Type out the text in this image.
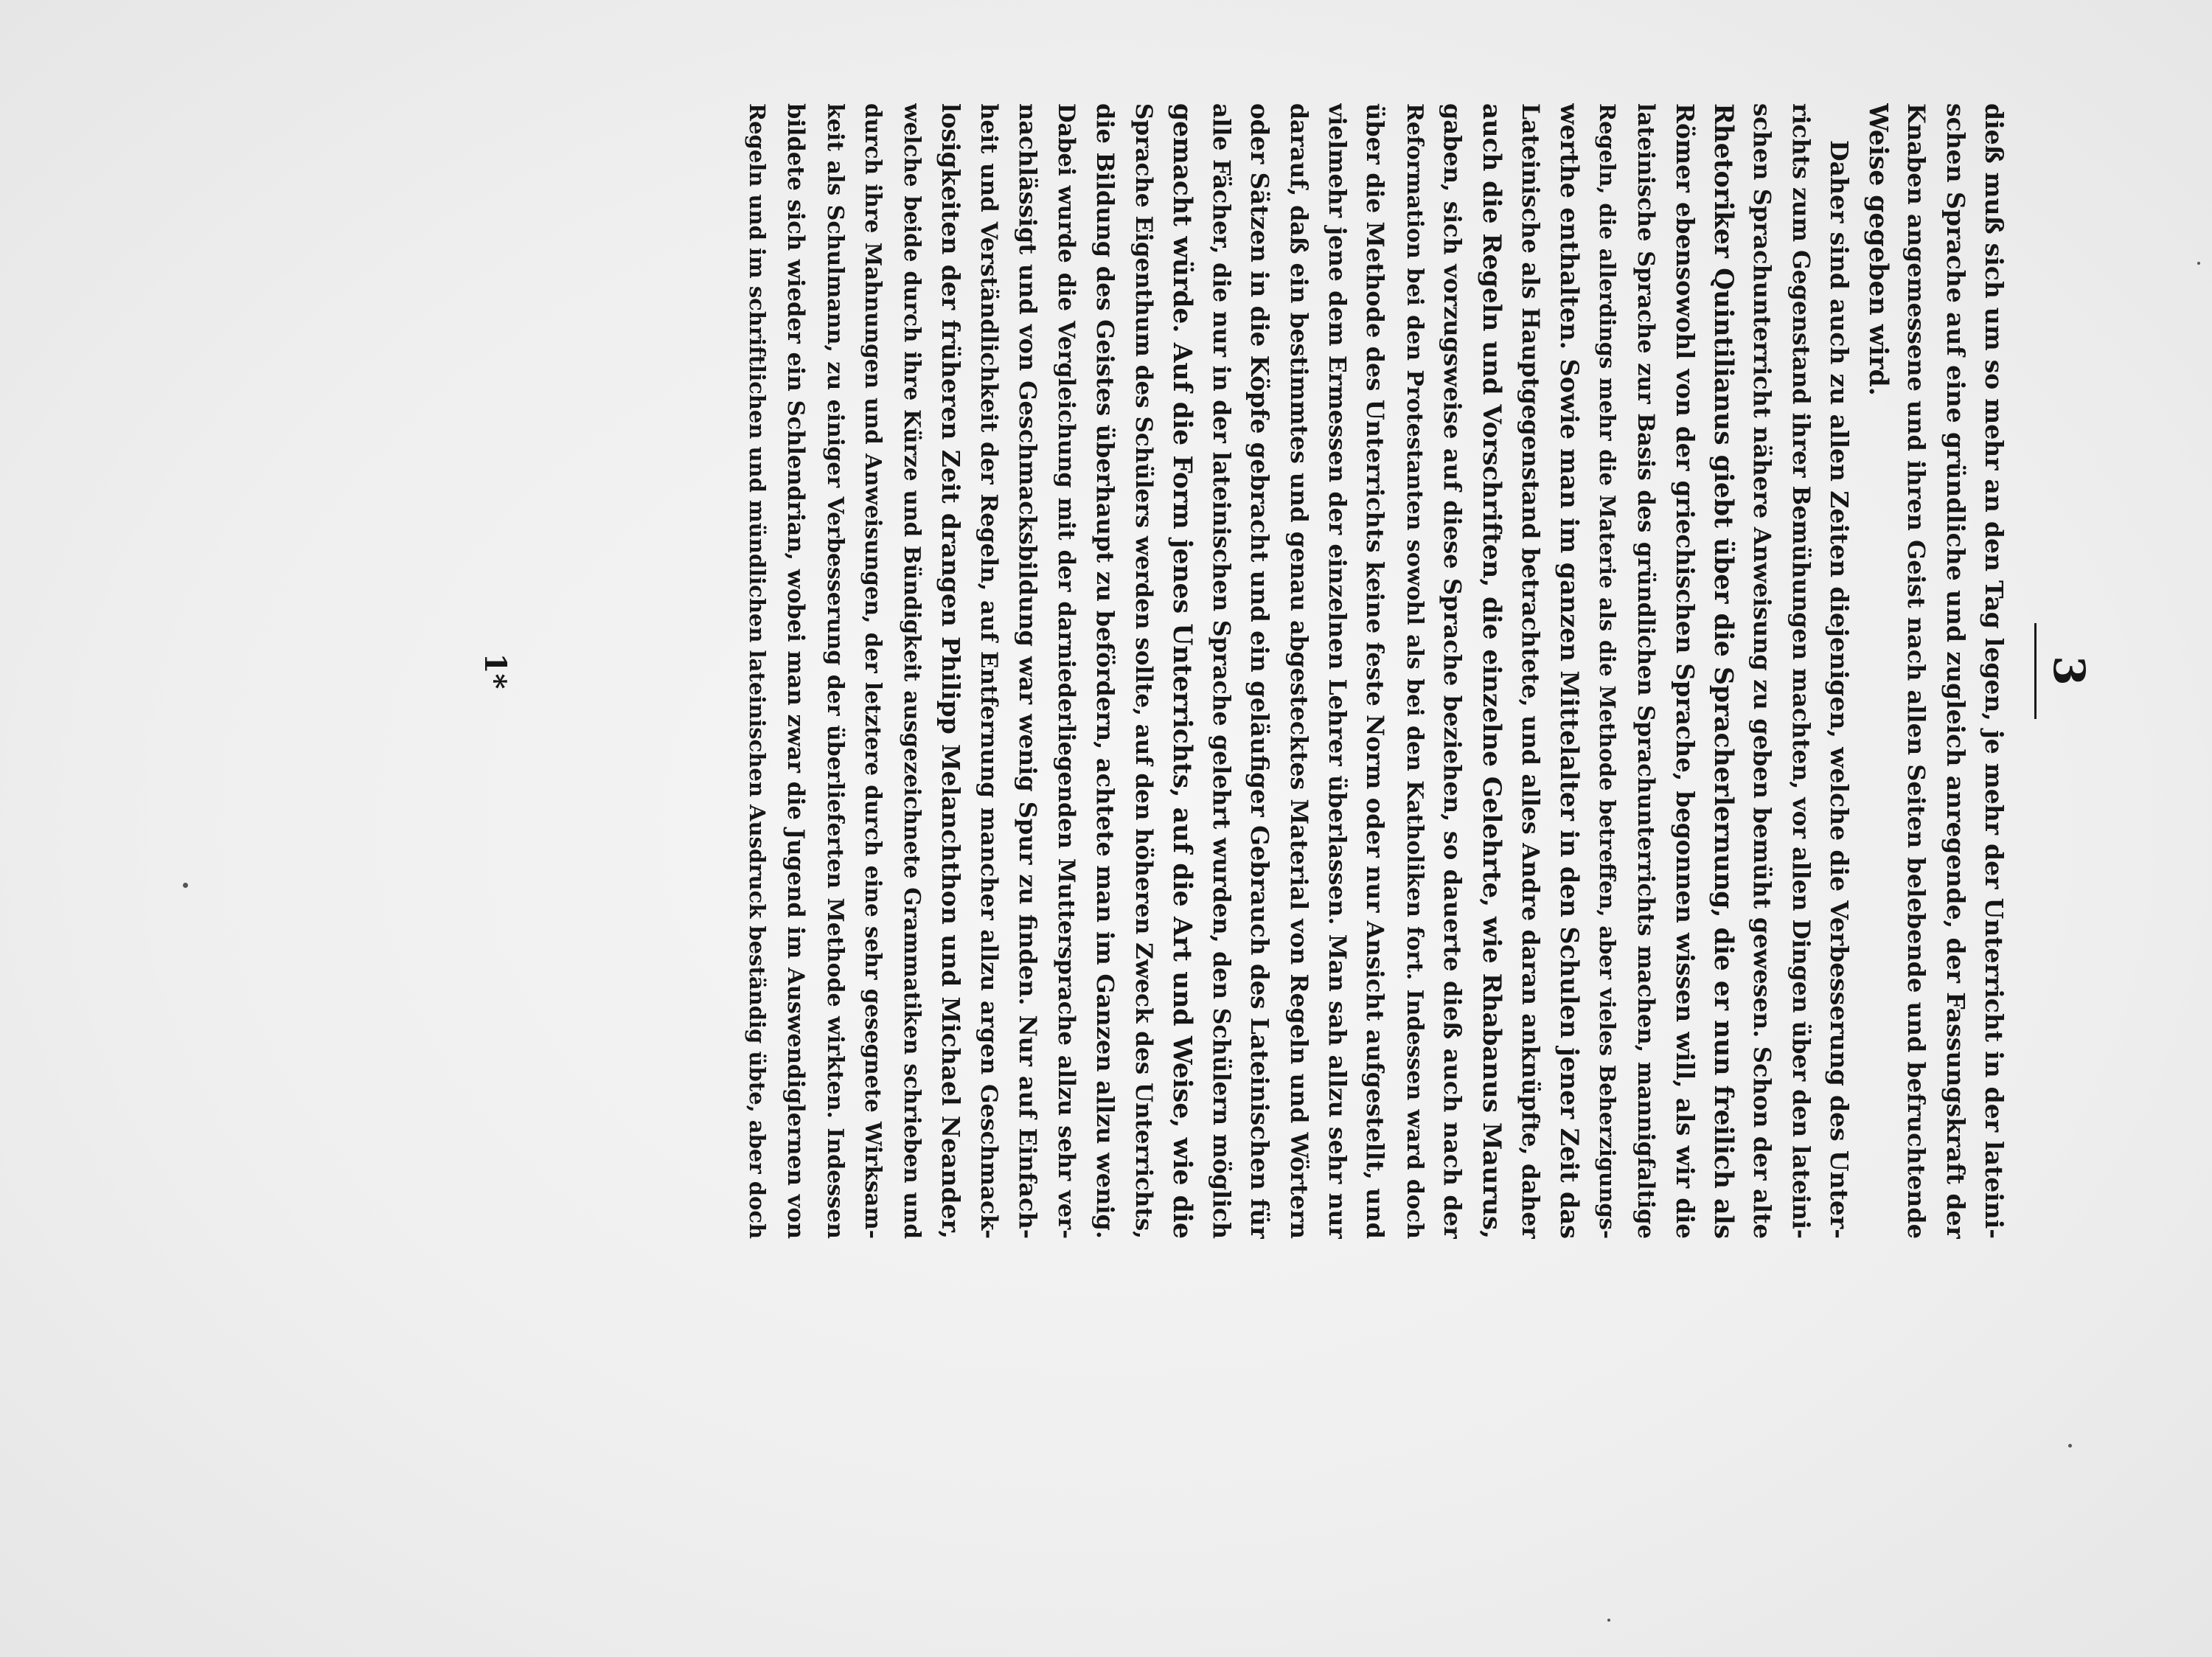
3
dieß muß sich um so mehr an den Tag legen, je mehr der Unterricht in der lateini-
schen Sprache auf eine gründliche und zugleich anregende, der Fassungskraft der
Knaben angemessene und ihren Geist nach allen Seiten belebende und befruchtende
Weise gegeben wird.
Daher sind auch zu allen Zeiten diejenigen, welche die Verbesserung des Unter-
richts zum Gegenstand ihrer Bemühungen machten, vor allen Dingen über den lateini-
schen Sprachunterricht nähere Anweisung zu geben bemüht gewesen. Schon der alte
Rhetoriker Quintilianus giebt über die Spracherlernung, die er nun freilich als
Römer ebensowohl von der griechischen Sprache, begonnen wissen will, als wir die
lateinische Sprache zur Basis des gründlichen Sprachunterrichts machen, mannigfaltige
Regeln, die allerdings mehr die Materie als die Methode betreffen, aber vieles Beherzigungs-
werthe enthalten. Sowie man im ganzen Mittelalter in den Schulen jener Zeit das
Lateinische als Hauptgegenstand betrachtete, und alles Andre daran anknüpfte, daher
auch die Regeln und Vorschriften, die einzelne Gelehrte, wie Rhabanus Maurus,
gaben, sich vorzugsweise auf diese Sprache beziehen, so dauerte dieß auch nach der
Reformation bei den Protestanten sowohl als bei den Katholiken fort. Indessen ward doch
über die Methode des Unterrichts keine feste Norm oder nur Ansicht aufgestellt, und
vielmehr jene dem Ermessen der einzelnen Lehrer überlassen. Man sah allzu sehr nur
darauf, daß ein bestimmtes und genau abgestecktes Material von Regeln und Wörtern
oder Sätzen in die Köpfe gebracht und ein geläufiger Gebrauch des Lateinischen für
alle Fächer, die nur in der lateinischen Sprache gelehrt wurden, den Schülern möglich
gemacht würde. Auf die Form jenes Unterrichts, auf die Art und Weise, wie die
Sprache Eigenthum des Schülers werden sollte, auf den höheren Zweck des Unterrichts,
die Bildung des Geistes überhaupt zu befördern, achtete man im Ganzen allzu wenig.
Dabei wurde die Vergleichung mit der darniederliegenden Muttersprache allzu sehr ver-
nachlässigt und von Geschmacksbildung war wenig Spur zu finden. Nur auf Einfach-
heit und Verständlichkeit der Regeln, auf Entfernung mancher allzu argen Geschmack-
losigkeiten der früheren Zeit drangen Philipp Melanchthon und Michael Neander,
welche beide durch ihre Kürze und Bündigkeit ausgezeichnete Grammatiken schrieben und
durch ihre Mahnungen und Anweisungen, der letztere durch eine sehr gesegnete Wirksam-
keit als Schulmann, zu einiger Verbesserung der überlieferten Methode wirkten. Indessen
bildete sich wieder ein Schlendrian, wobei man zwar die Jugend im Auswendiglernen von
Regeln und im schriftlichen und mündlichen lateinischen Ausdruck beständig übte, aber doch
1*
